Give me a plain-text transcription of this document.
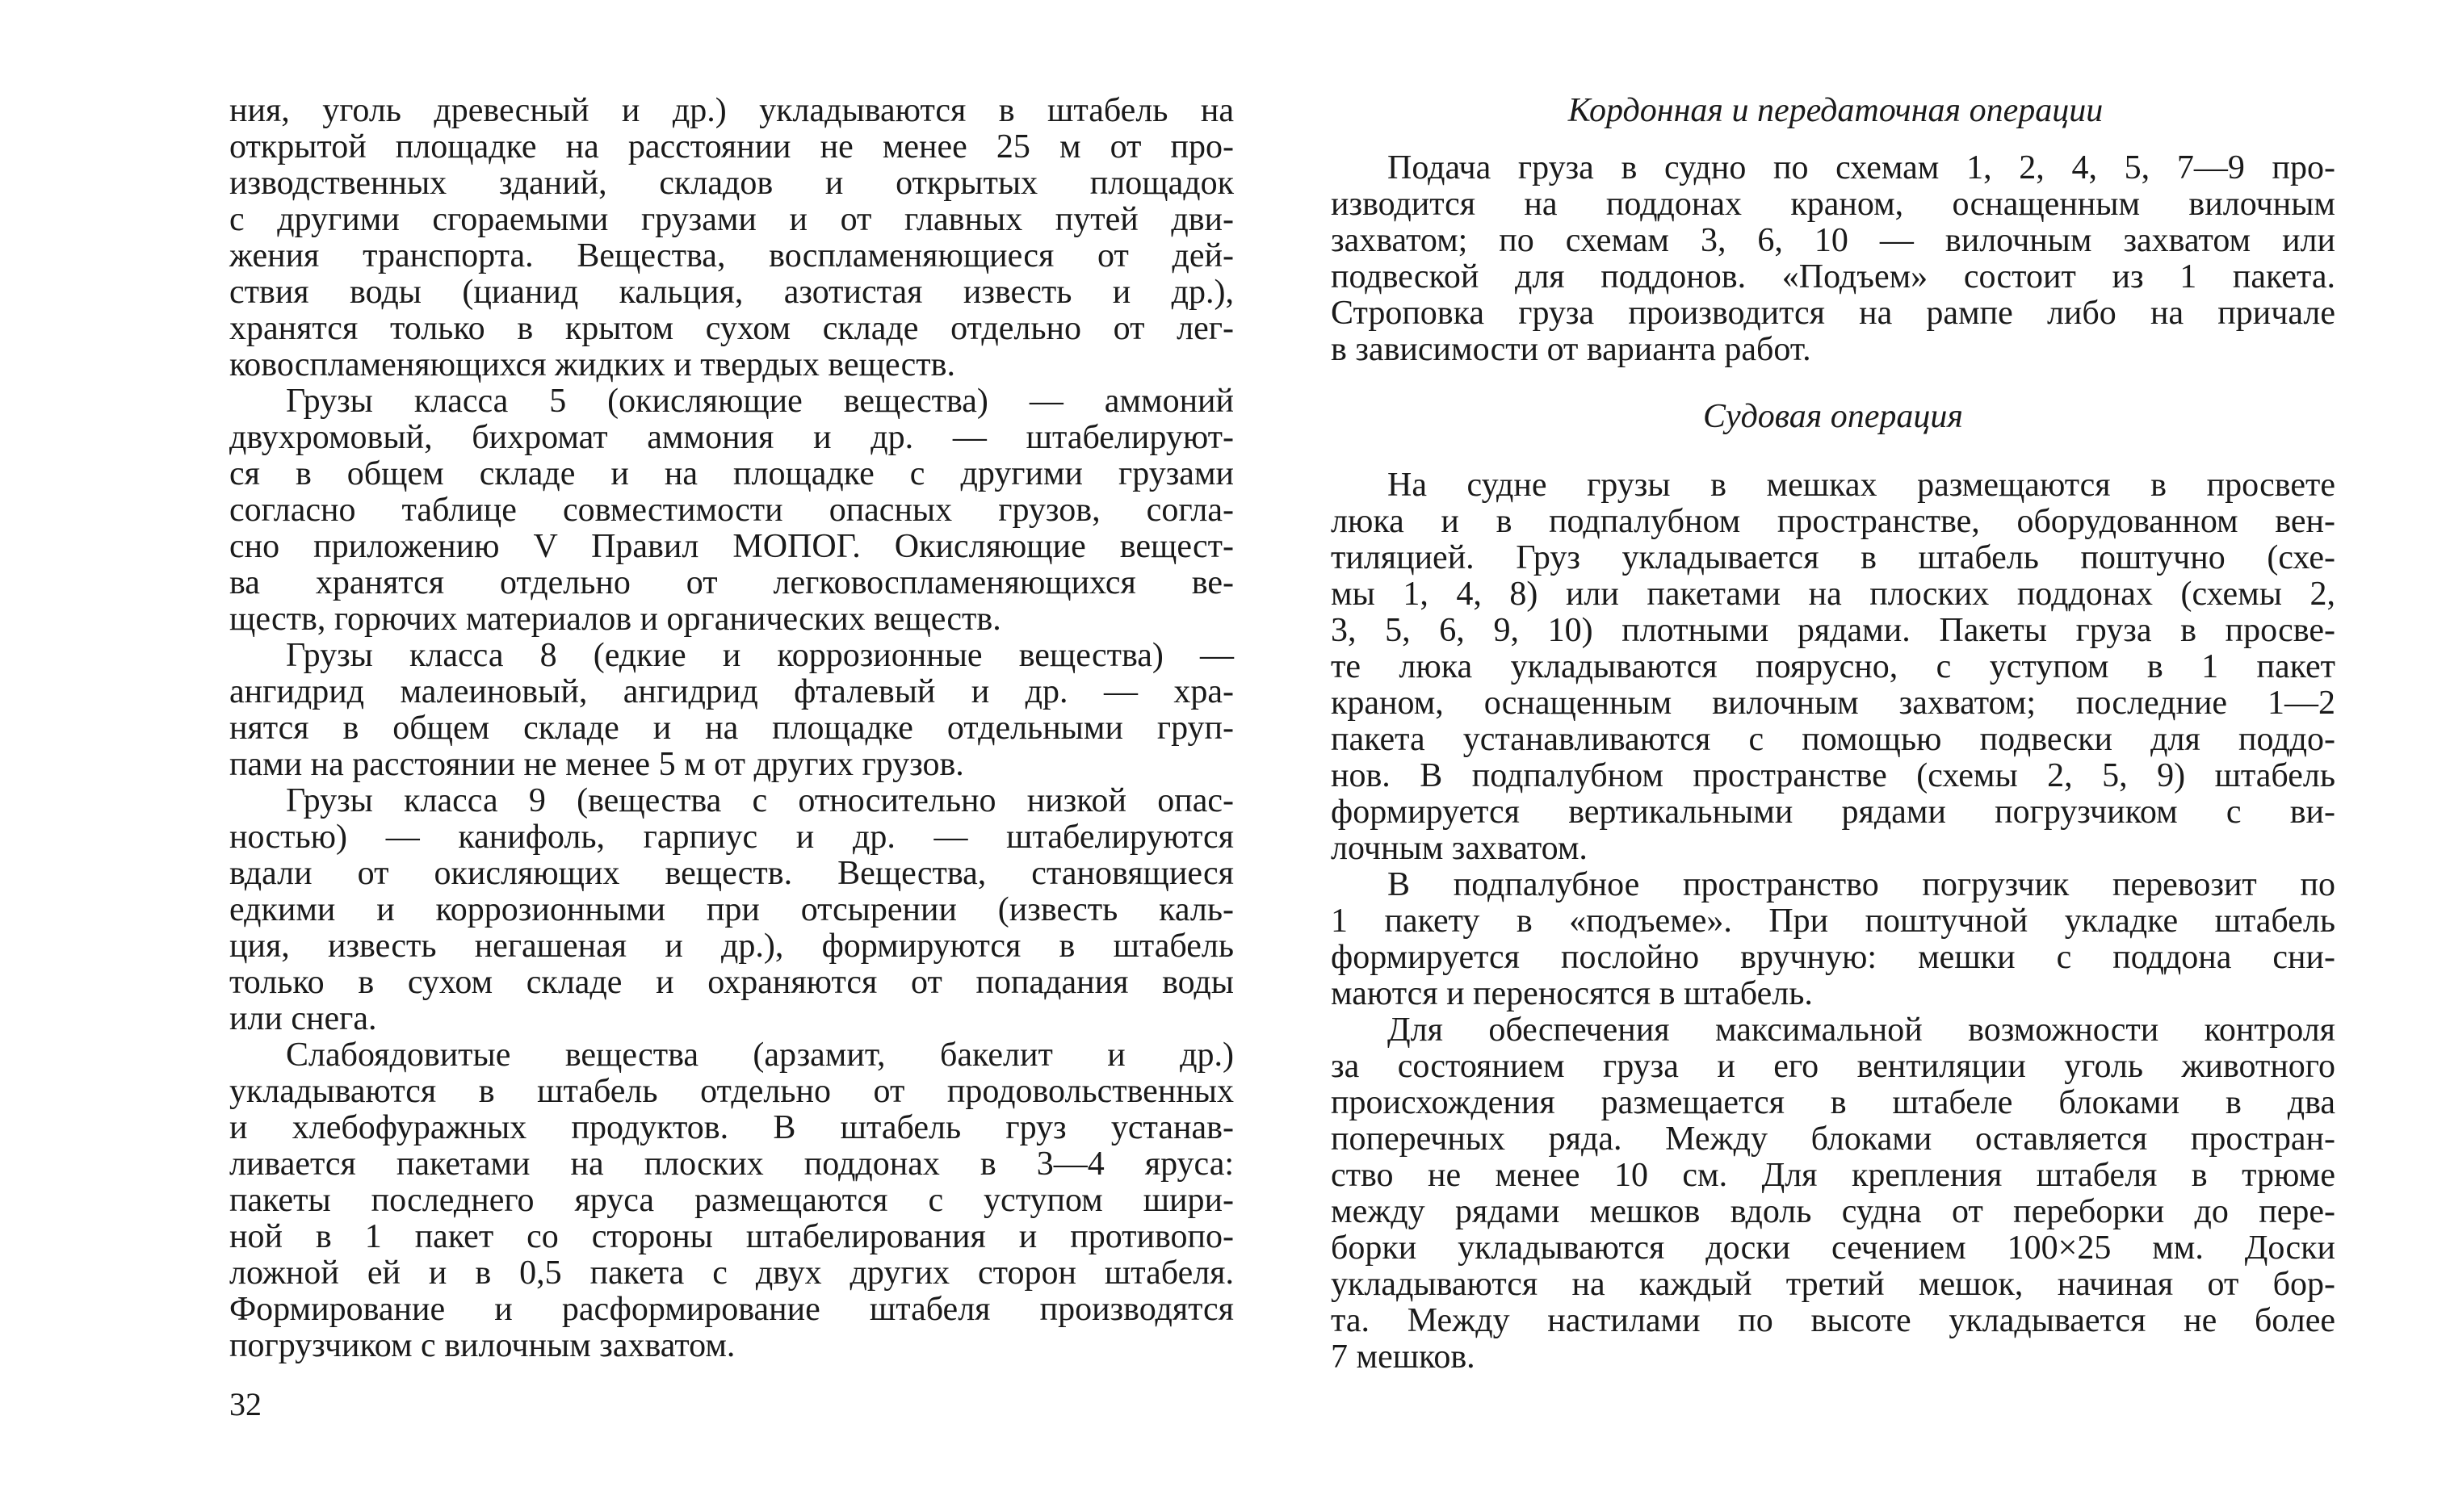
ния, уголь древесный и др.) укладываются в штабель на
открытой площадке на расстоянии не менее 25 м от про-
изводственных зданий, складов и открытых площадок
с другими сгораемыми грузами и от главных путей дви-
жения транспорта. Вещества, воспламеняющиеся от дей-
ствия воды (цианид кальция, азотистая известь и др.),
хранятся только в крытом сухом складе отдельно от лег-
ковоспламеняющихся жидких и твердых веществ.
Грузы класса 5 (окисляющие вещества) — аммоний
двухромовый, бихромат аммония и др. — штабелируют-
ся в общем складе и на площадке с другими грузами
согласно таблице совместимости опасных грузов, согла-
сно приложению V Правил МОПОГ. Окисляющие вещест-
ва хранятся отдельно от легковоспламеняющихся ве-
ществ, горючих материалов и органических веществ.
Грузы класса 8 (едкие и коррозионные вещества) —
ангидрид малеиновый, ангидрид фталевый и др. — хра-
нятся в общем складе и на площадке отдельными груп-
пами на расстоянии не менее 5 м от других грузов.
Грузы класса 9 (вещества с относительно низкой опас-
ностью) — канифоль, гарпиус и др. — штабелируются
вдали от окисляющих веществ. Вещества, становящиеся
едкими и коррозионными при отсырении (известь каль-
ция, известь негашеная и др.), формируются в штабель
только в сухом складе и охраняются от попадания воды
или снега.
Слабоядовитые вещества (арзамит, бакелит и др.)
укладываются в штабель отдельно от продовольственных
и хлебофуражных продуктов. В штабель груз устанав-
ливается пакетами на плоских поддонах в 3—4 яруса:
пакеты последнего яруса размещаются с уступом шири-
ной в 1 пакет со стороны штабелирования и противопо-
ложной ей и в 0,5 пакета с двух других сторон штабеля.
Формирование и расформирование штабеля производятся
погрузчиком с вилочным захватом.
32
Кордонная и передаточная операции
Подача груза в судно по схемам 1, 2, 4, 5, 7—9 про-
изводится на поддонах краном, оснащенным вилочным
захватом; по схемам 3, 6, 10 — вилочным захватом или
подвеской для поддонов. «Подъем» состоит из 1 пакета.
Строповка груза производится на рампе либо на причале
в зависимости от варианта работ.
Судовая операция
На судне грузы в мешках размещаются в просвете
люка и в подпалубном пространстве, оборудованном вен-
тиляцией. Груз укладывается в штабель поштучно (схе-
мы 1, 4, 8) или пакетами на плоских поддонах (схемы 2,
3, 5, 6, 9, 10) плотными рядами. Пакеты груза в просве-
те люка укладываются поярусно, с уступом в 1 пакет
краном, оснащенным вилочным захватом; последние 1—2
пакета устанавливаются с помощью подвески для поддо-
нов. В подпалубном пространстве (схемы 2, 5, 9) штабель
формируется вертикальными рядами погрузчиком с ви-
лочным захватом.
В подпалубное пространство погрузчик перевозит по
1 пакету в «подъеме». При поштучной укладке штабель
формируется послойно вручную: мешки с поддона сни-
маются и переносятся в штабель.
Для обеспечения максимальной возможности контроля
за состоянием груза и его вентиляции уголь животного
происхождения размещается в штабеле блоками в два
поперечных ряда. Между блоками оставляется простран-
ство не менее 10 см. Для крепления штабеля в трюме
между рядами мешков вдоль судна от переборки до пере-
борки укладываются доски сечением 100×25 мм. Доски
укладываются на каждый третий мешок, начиная от бор-
та. Между настилами по высоте укладывается не более
7 мешков.
